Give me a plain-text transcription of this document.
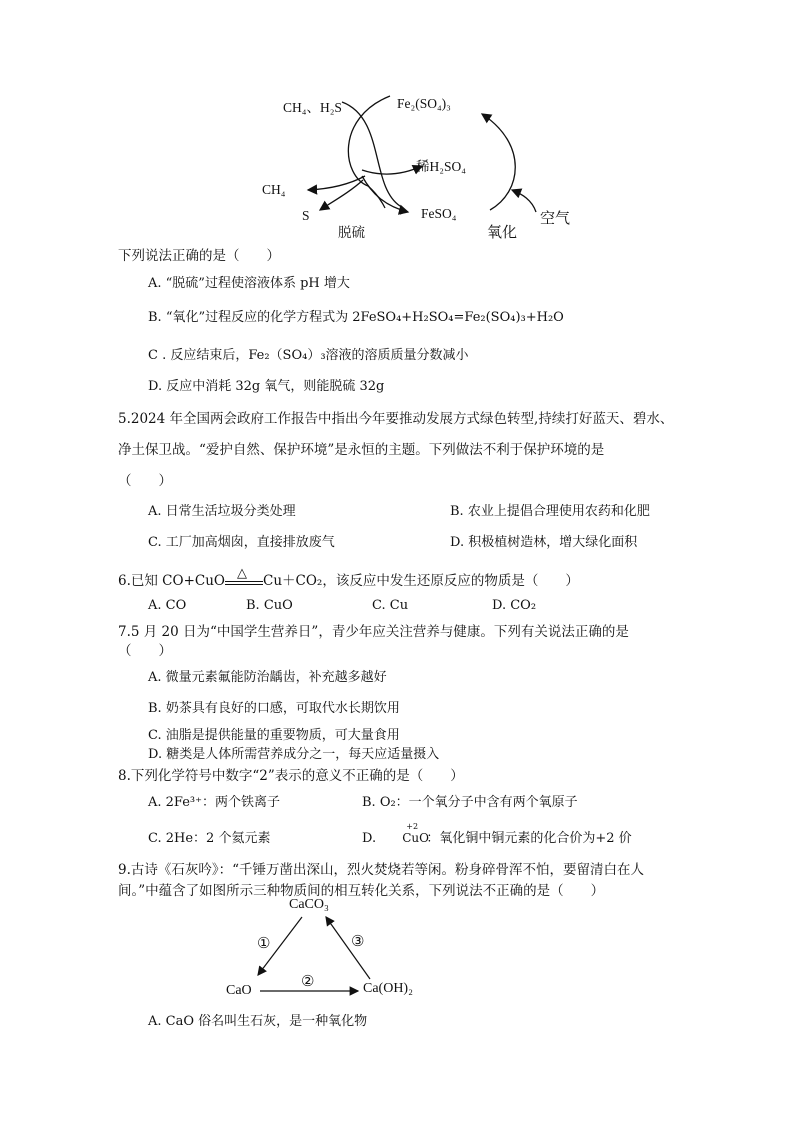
CH₄、H₂S	Fe₂(SO₄)₃
稀H₂SO₄
CH₄
S
脱硫
FeSO₄
氧化
空气
下列说法正确的是（　　）
A. “脱硫”过程使溶液体系 pH 增大
B. “氧化”过程反应的化学方程式为 2FeSO₄+H₂SO₄=Fe₂(SO₄)₃+H₂O
C . 反应结束后，Fe₂（SO₄）₃溶液的溶质质量分数减小
D. 反应中消耗 32g 氧气，则能脱硫 32g
5.2024 年全国两会政府工作报告中指出今年要推动发展方式绿色转型,持续打好蓝天、碧水、
净土保卫战。“爱护自然、保护环境”是永恒的主题。下列做法不利于保护环境的是
（　　）
A. 日常生活垃圾分类处理	B. 农业上提倡合理使用农药和化肥
C. 工厂加高烟囱，直接排放废气	D. 积极植树造林，增大绿化面积
6.已知 CO+CuO △ Cu＋CO₂，该反应中发生还原反应的物质是（　　）
A. CO	B. CuO	C. Cu	D. CO₂
7.5 月 20 日为“中国学生营养日”，青少年应关注营养与健康。下列有关说法正确的是
（　　）
A. 微量元素氟能防治龋齿，补充越多越好
B. 奶茶具有良好的口感，可取代水长期饮用
C. 油脂是提供能量的重要物质，可大量食用
D. 糖类是人体所需营养成分之一，每天应适量摄入
8.下列化学符号中数字“2”表示的意义不正确的是（　　）
A. 2Fe³⁺：两个铁离子	B. O₂：一个氧分子中含有两个氧原子
C. 2He：2 个氦元素	D.
+2
CuO
：氧化铜中铜元素的化合价为+2 价
9.古诗《石灰吟》：“千锤万凿出深山，烈火焚烧若等闲。粉身碎骨浑不怕，要留清白在人
间。”中蕴含了如图所示三种物质间的相互转化关系，下列说法不正确的是（　　）
CaCO₃
CaO	Ca(OH)₂
①
②
③
A. CaO 俗名叫生石灰，是一种氧化物
